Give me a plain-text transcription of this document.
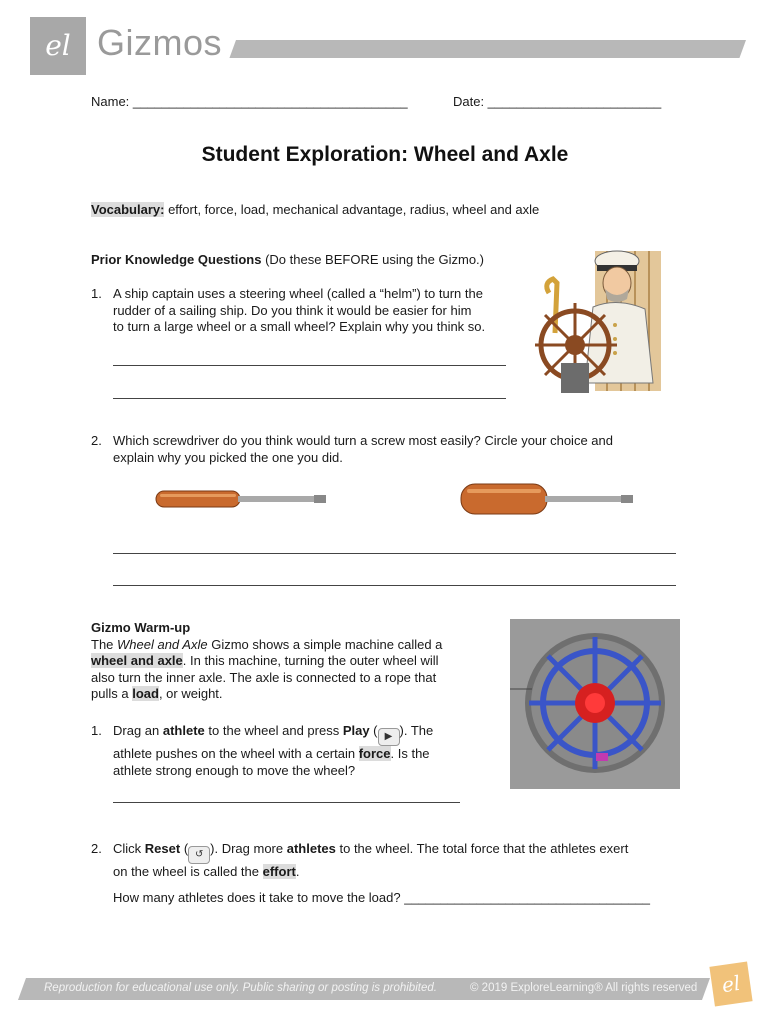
el Gizmos
Name: ______________________________________	Date: ________________________
Student Exploration: Wheel and Axle
Vocabulary: effort, force, load, mechanical advantage, radius, wheel and axle
Prior Knowledge Questions (Do these BEFORE using the Gizmo.)
1. A ship captain uses a steering wheel (called a “helm”) to turn the
rudder of a sailing ship. Do you think it would be easier for him
to turn a large wheel or a small wheel? Explain why you think so.
2. Which screwdriver do you think would turn a screw most easily? Circle your choice and
explain why you picked the one you did.
Gizmo Warm-up
The Wheel and Axle Gizmo shows a simple machine called a
wheel and axle. In this machine, turning the outer wheel will
also turn the inner axle. The axle is connected to a rope that
pulls a load, or weight.
1. Drag an athlete to the wheel and press Play ( ▶ ). The
athlete pushes on the wheel with a certain force. Is the
athlete strong enough to move the wheel?
2. Click Reset ( ↺ ). Drag more athletes to the wheel. The total force that the athletes exert
on the wheel is called the effort.
How many athletes does it take to move the load? __________________________________
Reproduction for educational use only. Public sharing or posting is prohibited.	© 2019 ExploreLearning® All rights reserved	el
